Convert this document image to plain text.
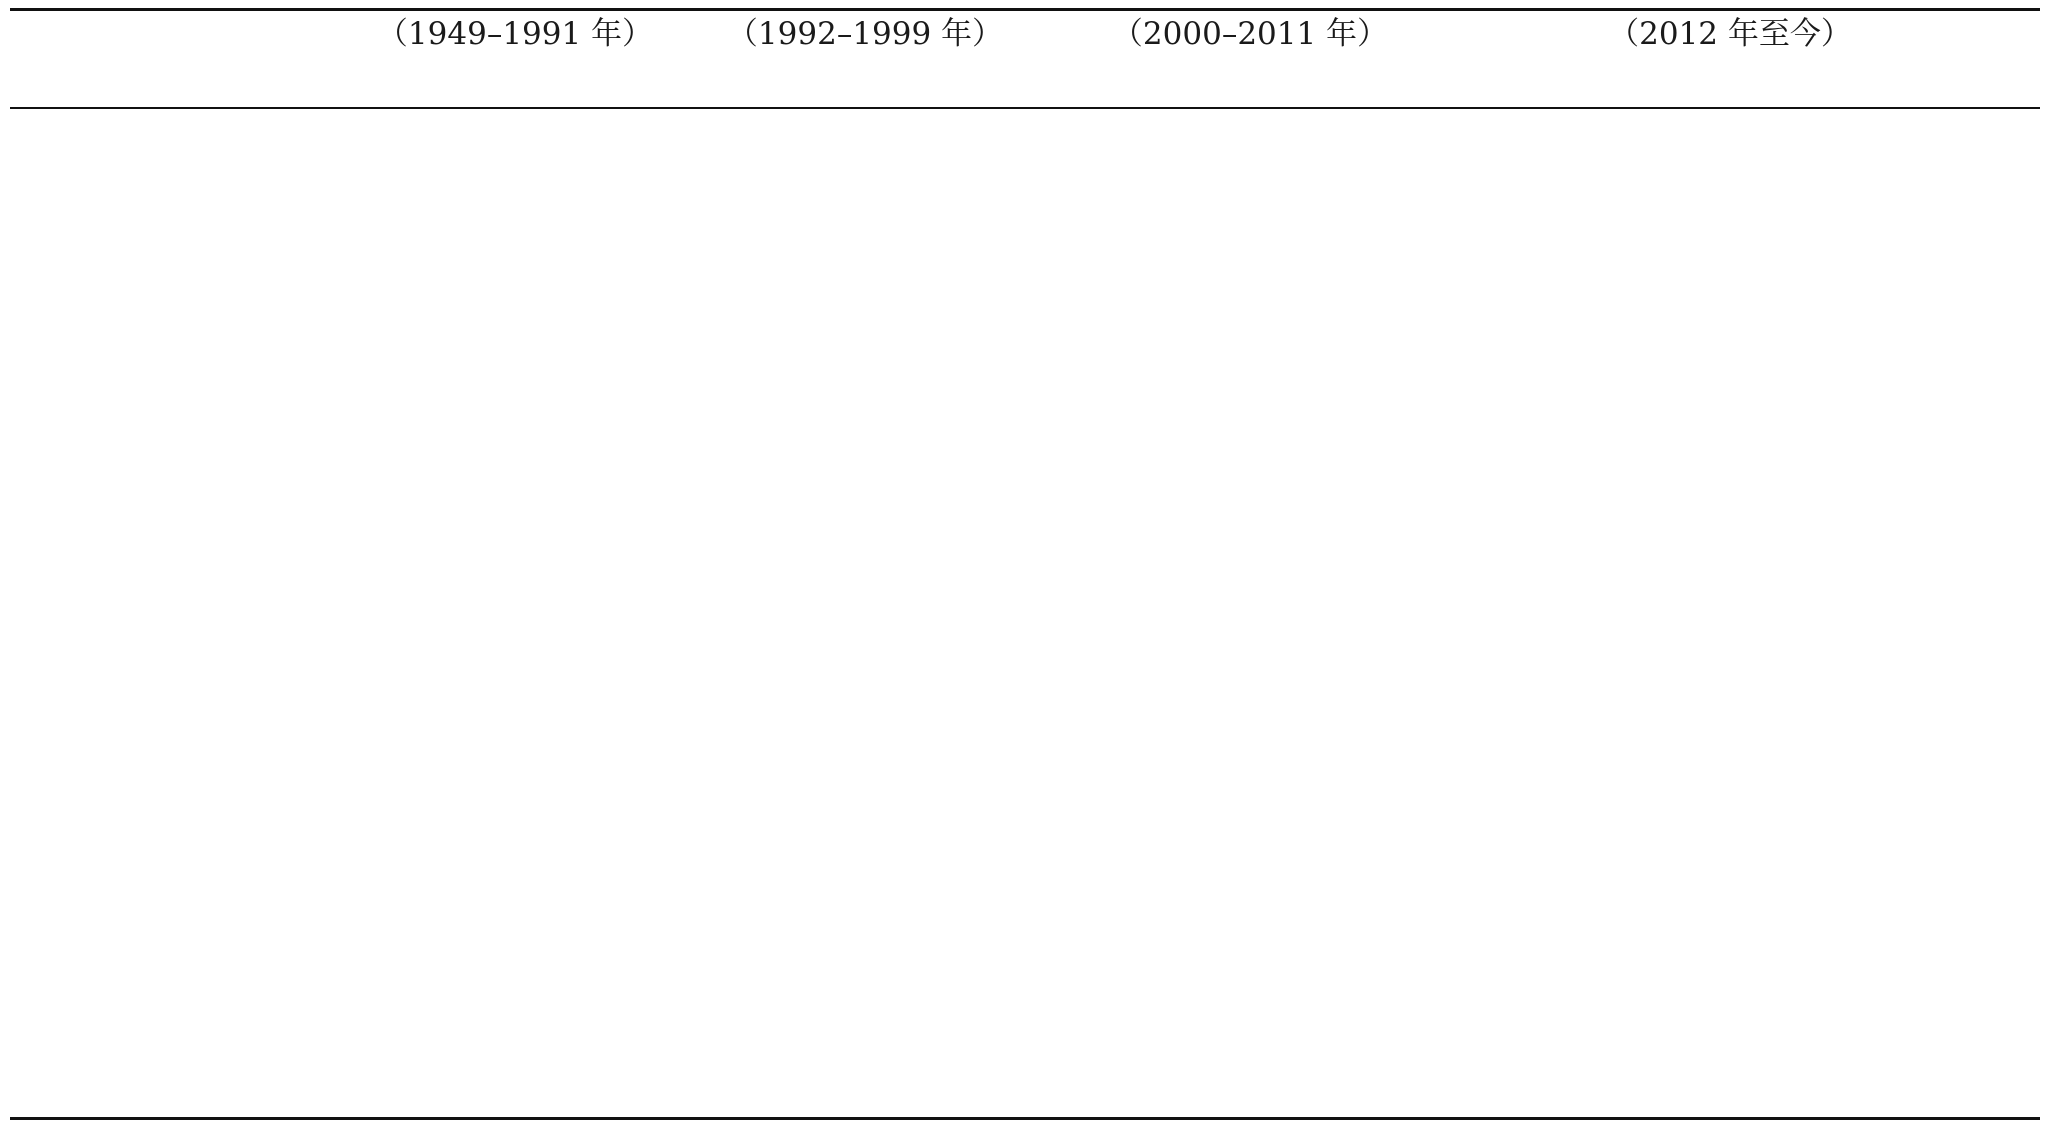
（1949–1991 年）	（1992–1999 年）	（2000–2011 年）	（2012 年至今）
